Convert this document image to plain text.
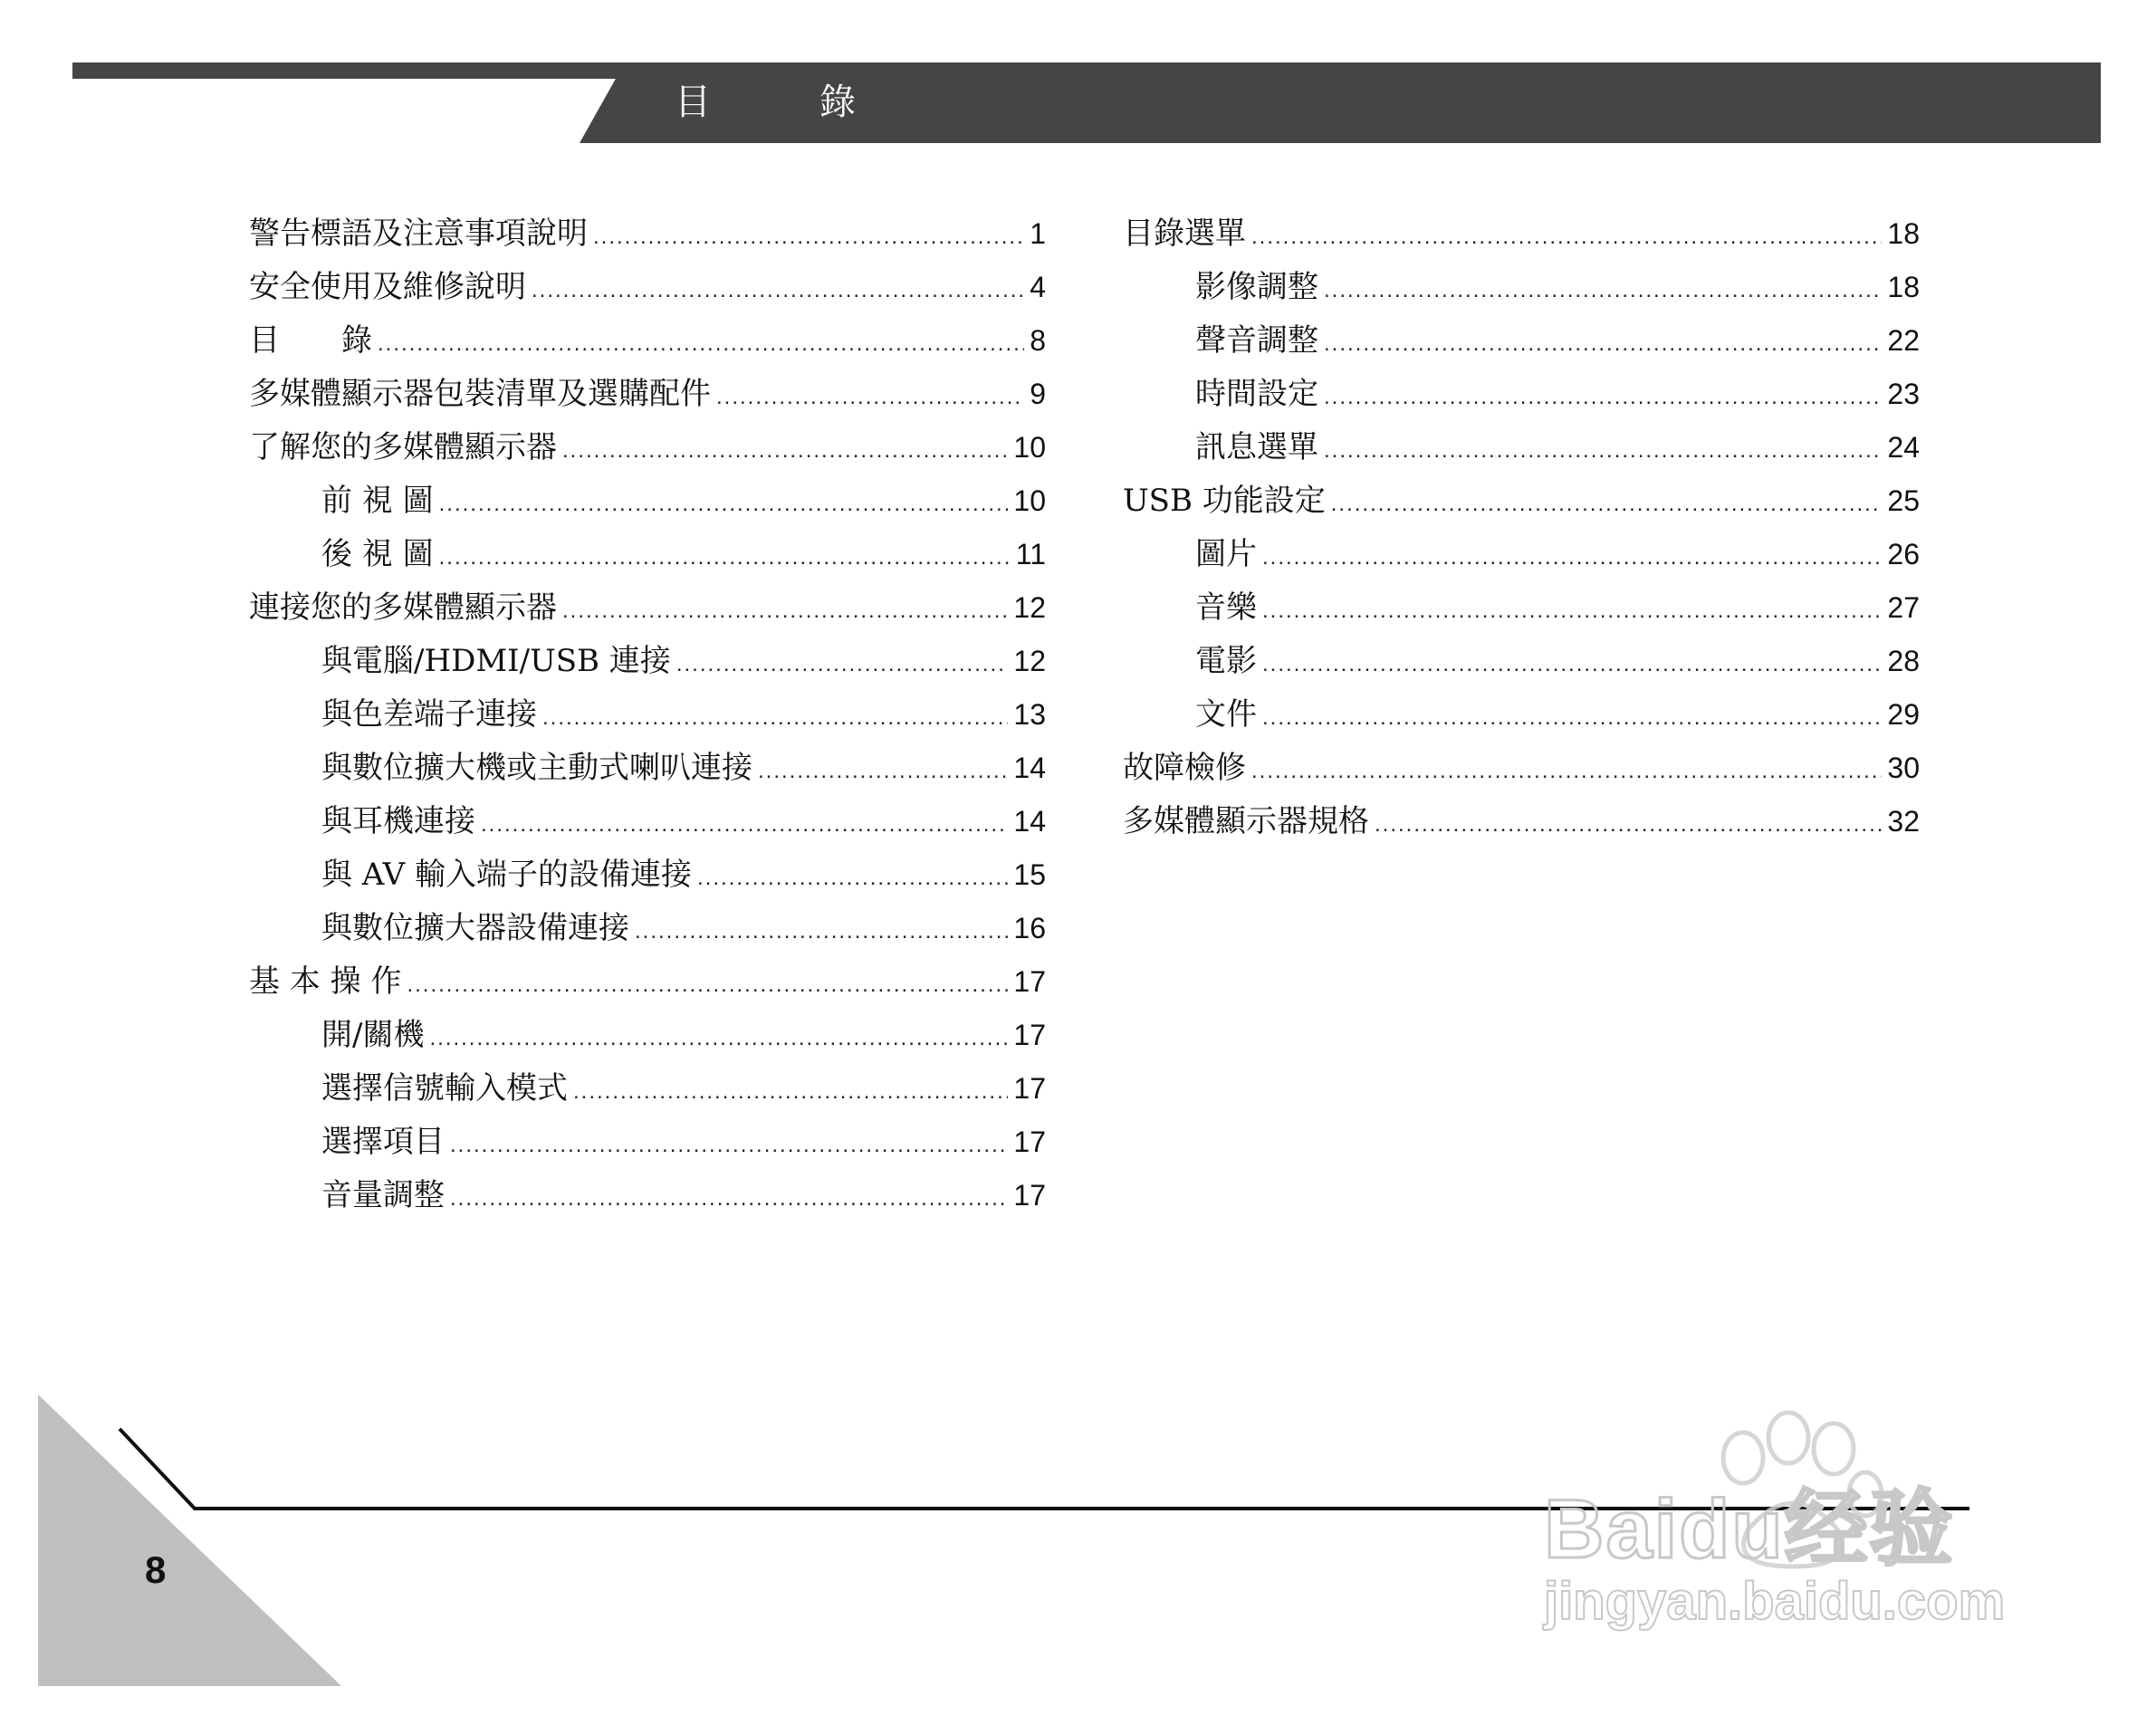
目　　　錄
警告標語及注意事項說明 .....	1
安全使用及維修說明 .....	4
目　　錄 .....	8
多媒體顯示器包裝清單及選購配件 .....	9
了解您的多媒體顯示器 .....	10
前 視 圖 .....	10
後 視 圖 .....	11
連接您的多媒體顯示器 .....	12
與電腦/HDMI/USB 連接 .....	12
與色差端子連接 .....	13
與數位擴大機或主動式喇叭連接 .....	14
與耳機連接 .....	14
與 AV 輸入端子的設備連接 .....	15
與數位擴大器設備連接 .....	16
基 本 操 作 .....	17
開/關機 .....	17
選擇信號輸入模式 .....	17
選擇項目 .....	17
音量調整 .....	17
目錄選單 .....	18
影像調整 .....	18
聲音調整 .....	22
時間設定 .....	23
訊息選單 .....	24
USB 功能設定 .....	25
圖片 .....	26
音樂 .....	27
電影 .....	28
文件 .....	29
故障檢修 .....	30
多媒體顯示器規格 .....	32
8	Baidu经验
jingyan.baidu.com
